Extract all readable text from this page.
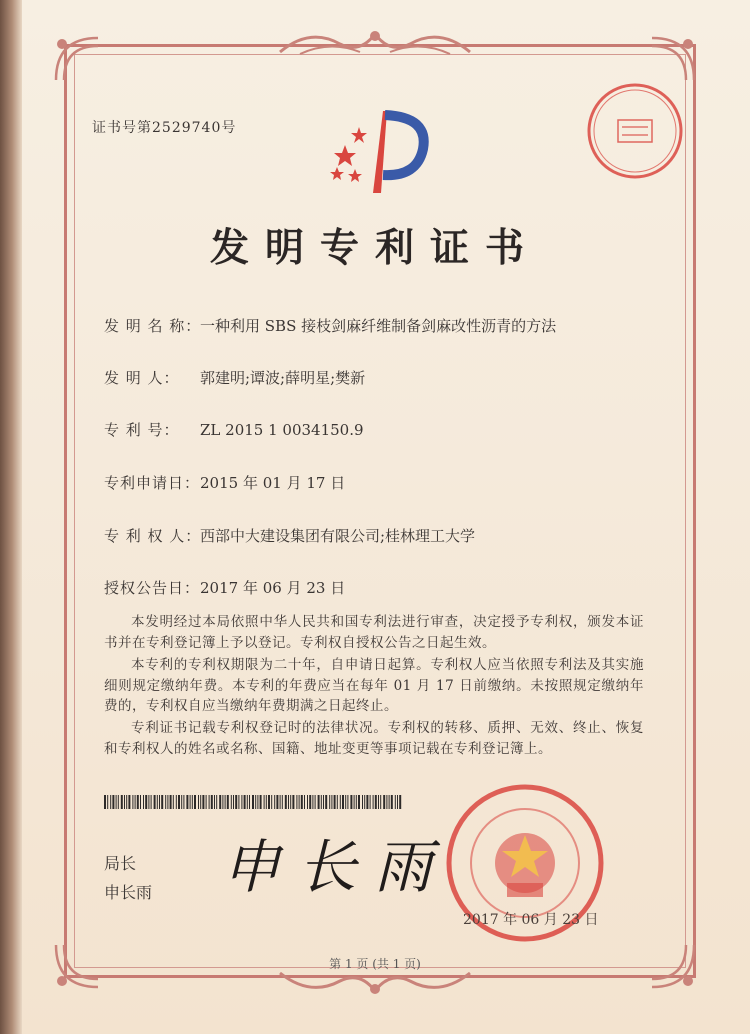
证书号第2529740号
发明专利证书
发 明 名 称：一种利用 SBS 接枝剑麻纤维制备剑麻改性沥青的方法
发 明 人： 郭建明;谭波;薛明星;樊新
专 利 号： ZL 2015 1 0034150.9
专利申请日：2015 年 01 月 17 日
专 利 权 人：西部中大建设集团有限公司;桂林理工大学
授权公告日：2017 年 06 月 23 日
本发明经过本局依照中华人民共和国专利法进行审查，决定授予专利权，颁发本证书并在专利登记簿上予以登记。专利权自授权公告之日起生效。
本专利的专利权期限为二十年，自申请日起算。专利权人应当依照专利法及其实施细则规定缴纳年费。本专利的年费应当在每年 01 月 17 日前缴纳。未按照规定缴纳年费的，专利权自应当缴纳年费期满之日起终止。
专利证书记载专利权登记时的法律状况。专利权的转移、质押、无效、终止、恢复和专利权人的姓名或名称、国籍、地址变更等事项记载在专利登记簿上。
局长
申长雨 申长雨
2017 年 06 月 23 日
第 1 页 (共 1 页)
